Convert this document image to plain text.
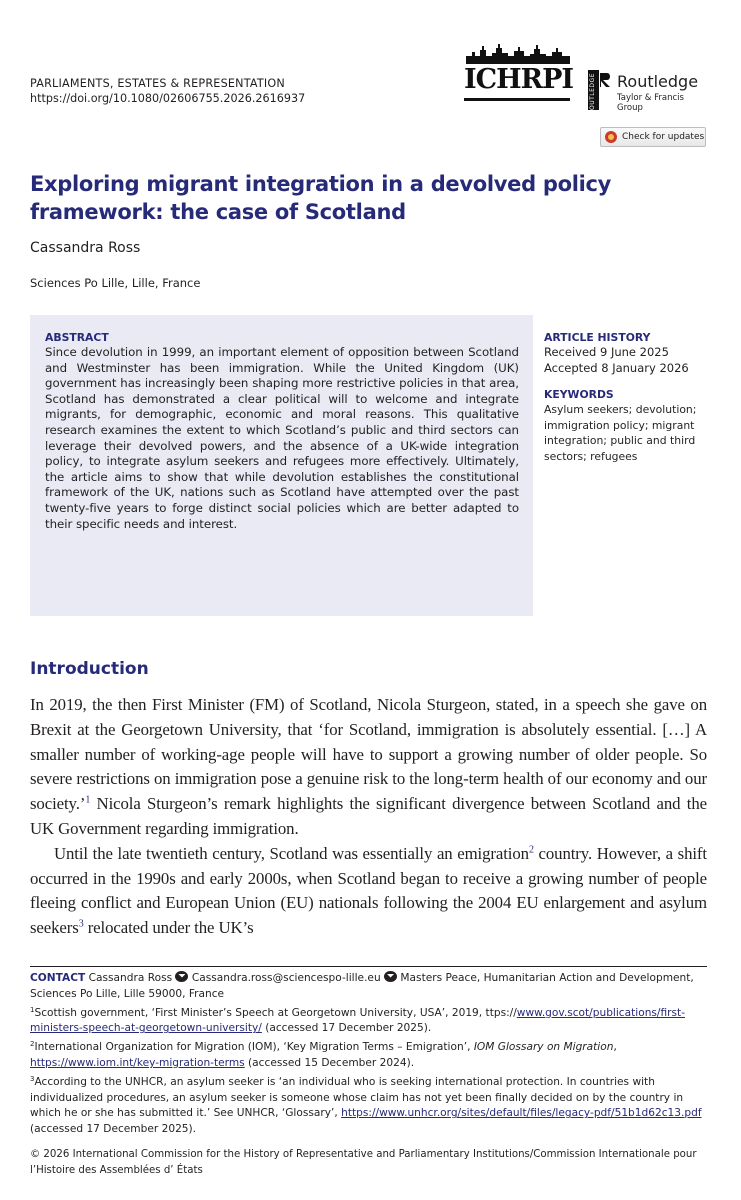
PARLIAMENTS, ESTATES & REPRESENTATION
https://doi.org/10.1080/02606755.2026.2616937
ICHRPI	ROUTLEDGE Routledge
Taylor & Francis Group
Check for updates
Exploring migrant integration in a devolved policy framework: the case of Scotland
Cassandra Ross
Sciences Po Lille, Lille, France
ABSTRACT

Since devolution in 1999, an important element of opposition between Scotland and Westminster has been immigration. While the United Kingdom (UK) government has increasingly been shaping more restrictive policies in that area, Scotland has demonstrated a clear political will to welcome and integrate migrants, for demographic, economic and moral reasons. This qualitative research examines the extent to which Scotland’s public and third sectors can leverage their devolved powers, and the absence of a UK-wide integration policy, to integrate asylum seekers and refugees more effectively. Ultimately, the article aims to show that while devolution establishes the constitutional framework of the UK, nations such as Scotland have attempted over the past twenty-five years to forge distinct social policies which are better adapted to their specific needs and interest.

ARTICLE HISTORY
Received 9 June 2025
Accepted 8 January 2026
KEYWORDS
Asylum seekers; devolution; immigration policy; migrant integration; public and third sectors; refugees
Introduction

In 2019, the then First Minister (FM) of Scotland, Nicola Sturgeon, stated, in a speech she gave on Brexit at the Georgetown University, that ‘for Scotland, immigration is absolutely essential. […] A smaller number of working-age people will have to support a growing number of older people. So severe restrictions on immigration pose a genuine risk to the long-term health of our economy and our society.’$^1$ Nicola Sturgeon’s remark highlights the significant divergence between Scotland and the UK Government regarding immigration.

Until the late twentieth century, Scotland was essentially an emigration$^2$ country. However, a shift occurred in the 1990s and early 2000s, when Scotland began to receive a growing number of people fleeing conflict and European Union (EU) nationals following the 2004 EU enlargement and asylum seekers$^3$ relocated under the UK’s

CONTACT Cassandra Ross Cassandra.ross@sciencespo-lille.eu Masters Peace, Humanitarian Action and Development, Sciences Po Lille, Lille 59000, France

$^1$Scottish government, ‘First Minister’s Speech at Georgetown University, USA’, 2019, ttps://www.gov.scot/publications/first-ministers-speech-at-georgetown-university/ (accessed 17 December 2025).

$^2$International Organization for Migration (IOM), ‘Key Migration Terms – Emigration’, IOM Glossary on Migration, https://www.iom.int/key-migration-terms (accessed 15 December 2024).

$^3$According to the UNHCR, an asylum seeker is ‘an individual who is seeking international protection. In countries with individualized procedures, an asylum seeker is someone whose claim has not yet been finally decided on by the country in which he or she has submitted it.’ See UNHCR, ‘Glossary’, https://www.unhcr.org/sites/default/files/legacy-pdf/51b1d62c13.pdf (accessed 17 December 2025).

© 2026 International Commission for the History of Representative and Parliamentary Institutions/Commission Internationale pour l’Histoire des Assemblées d’ États
